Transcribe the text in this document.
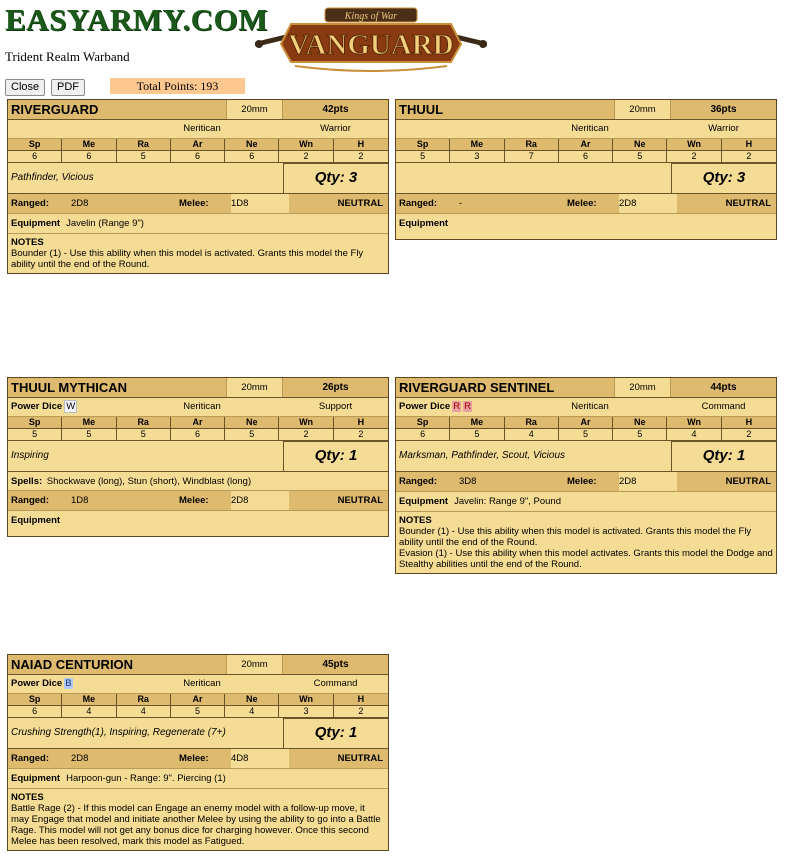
EASYARMY.COM	Kings of War
VANGUARD
Trident Realm Warband
Close	PDF	Total Points: 193
RIVERGUARD	20mm	42pts
Neritican	Warrior
Sp	Me	Ra	Ar	Ne	Wn	H
6	6	5	6	6	2	2
Pathfinder, Vicious	Qty: 3
Ranged:	2D8	Melee:	1D8	NEUTRAL
Equipment Javelin (Range 9")
NOTES
Bounder (1) - Use this ability when this model is activated. Grants this model the Fly ability until the end of the Round.
THUUL	20mm	36pts
Neritican	Warrior
Sp	Me	Ra	Ar	Ne	Wn	H
5	3	7	6	5	2	2
Qty: 3
Ranged:	-	Melee:	2D8	NEUTRAL
Equipment
THUUL MYTHICAN	20mm	26pts
Power Dice W	Neritican	Support
Sp	Me	Ra	Ar	Ne	Wn	H
5	5	5	6	5	2	2
Inspiring	Qty: 1
Spells: Shockwave (long), Stun (short), Windblast (long)
Ranged:	1D8	Melee:	2D8	NEUTRAL
Equipment
RIVERGUARD SENTINEL	20mm	44pts
Power Dice R R	Neritican	Command
Sp	Me	Ra	Ar	Ne	Wn	H
6	5	4	5	5	4	2
Marksman, Pathfinder, Scout, Vicious	Qty: 1
Ranged:	3D8	Melee:	2D8	NEUTRAL
Equipment Javelin: Range 9", Pound
NOTES
Bounder (1) - Use this ability when this model is activated. Grants this model the Fly ability until the end of the Round.
Evasion (1) - Use this ability when this model activates. Grants this model the Dodge and Stealthy abilities until the end of the Round.
NAIAD CENTURION	20mm	45pts
Power Dice B	Neritican	Command
Sp	Me	Ra	Ar	Ne	Wn	H
6	4	4	5	4	3	2
Crushing Strength(1), Inspiring, Regenerate (7+)	Qty: 1
Ranged:	2D8	Melee:	4D8	NEUTRAL
Equipment Harpoon-gun - Range: 9". Piercing (1)
NOTES
Battle Rage (2) - If this model can Engage an enemy model with a follow-up move, it may Engage that model and initiate another Melee by using the ability to go into a Battle Rage. This model will not get any bonus dice for charging however. Once this second Melee has been resolved, mark this model as Fatigued.
